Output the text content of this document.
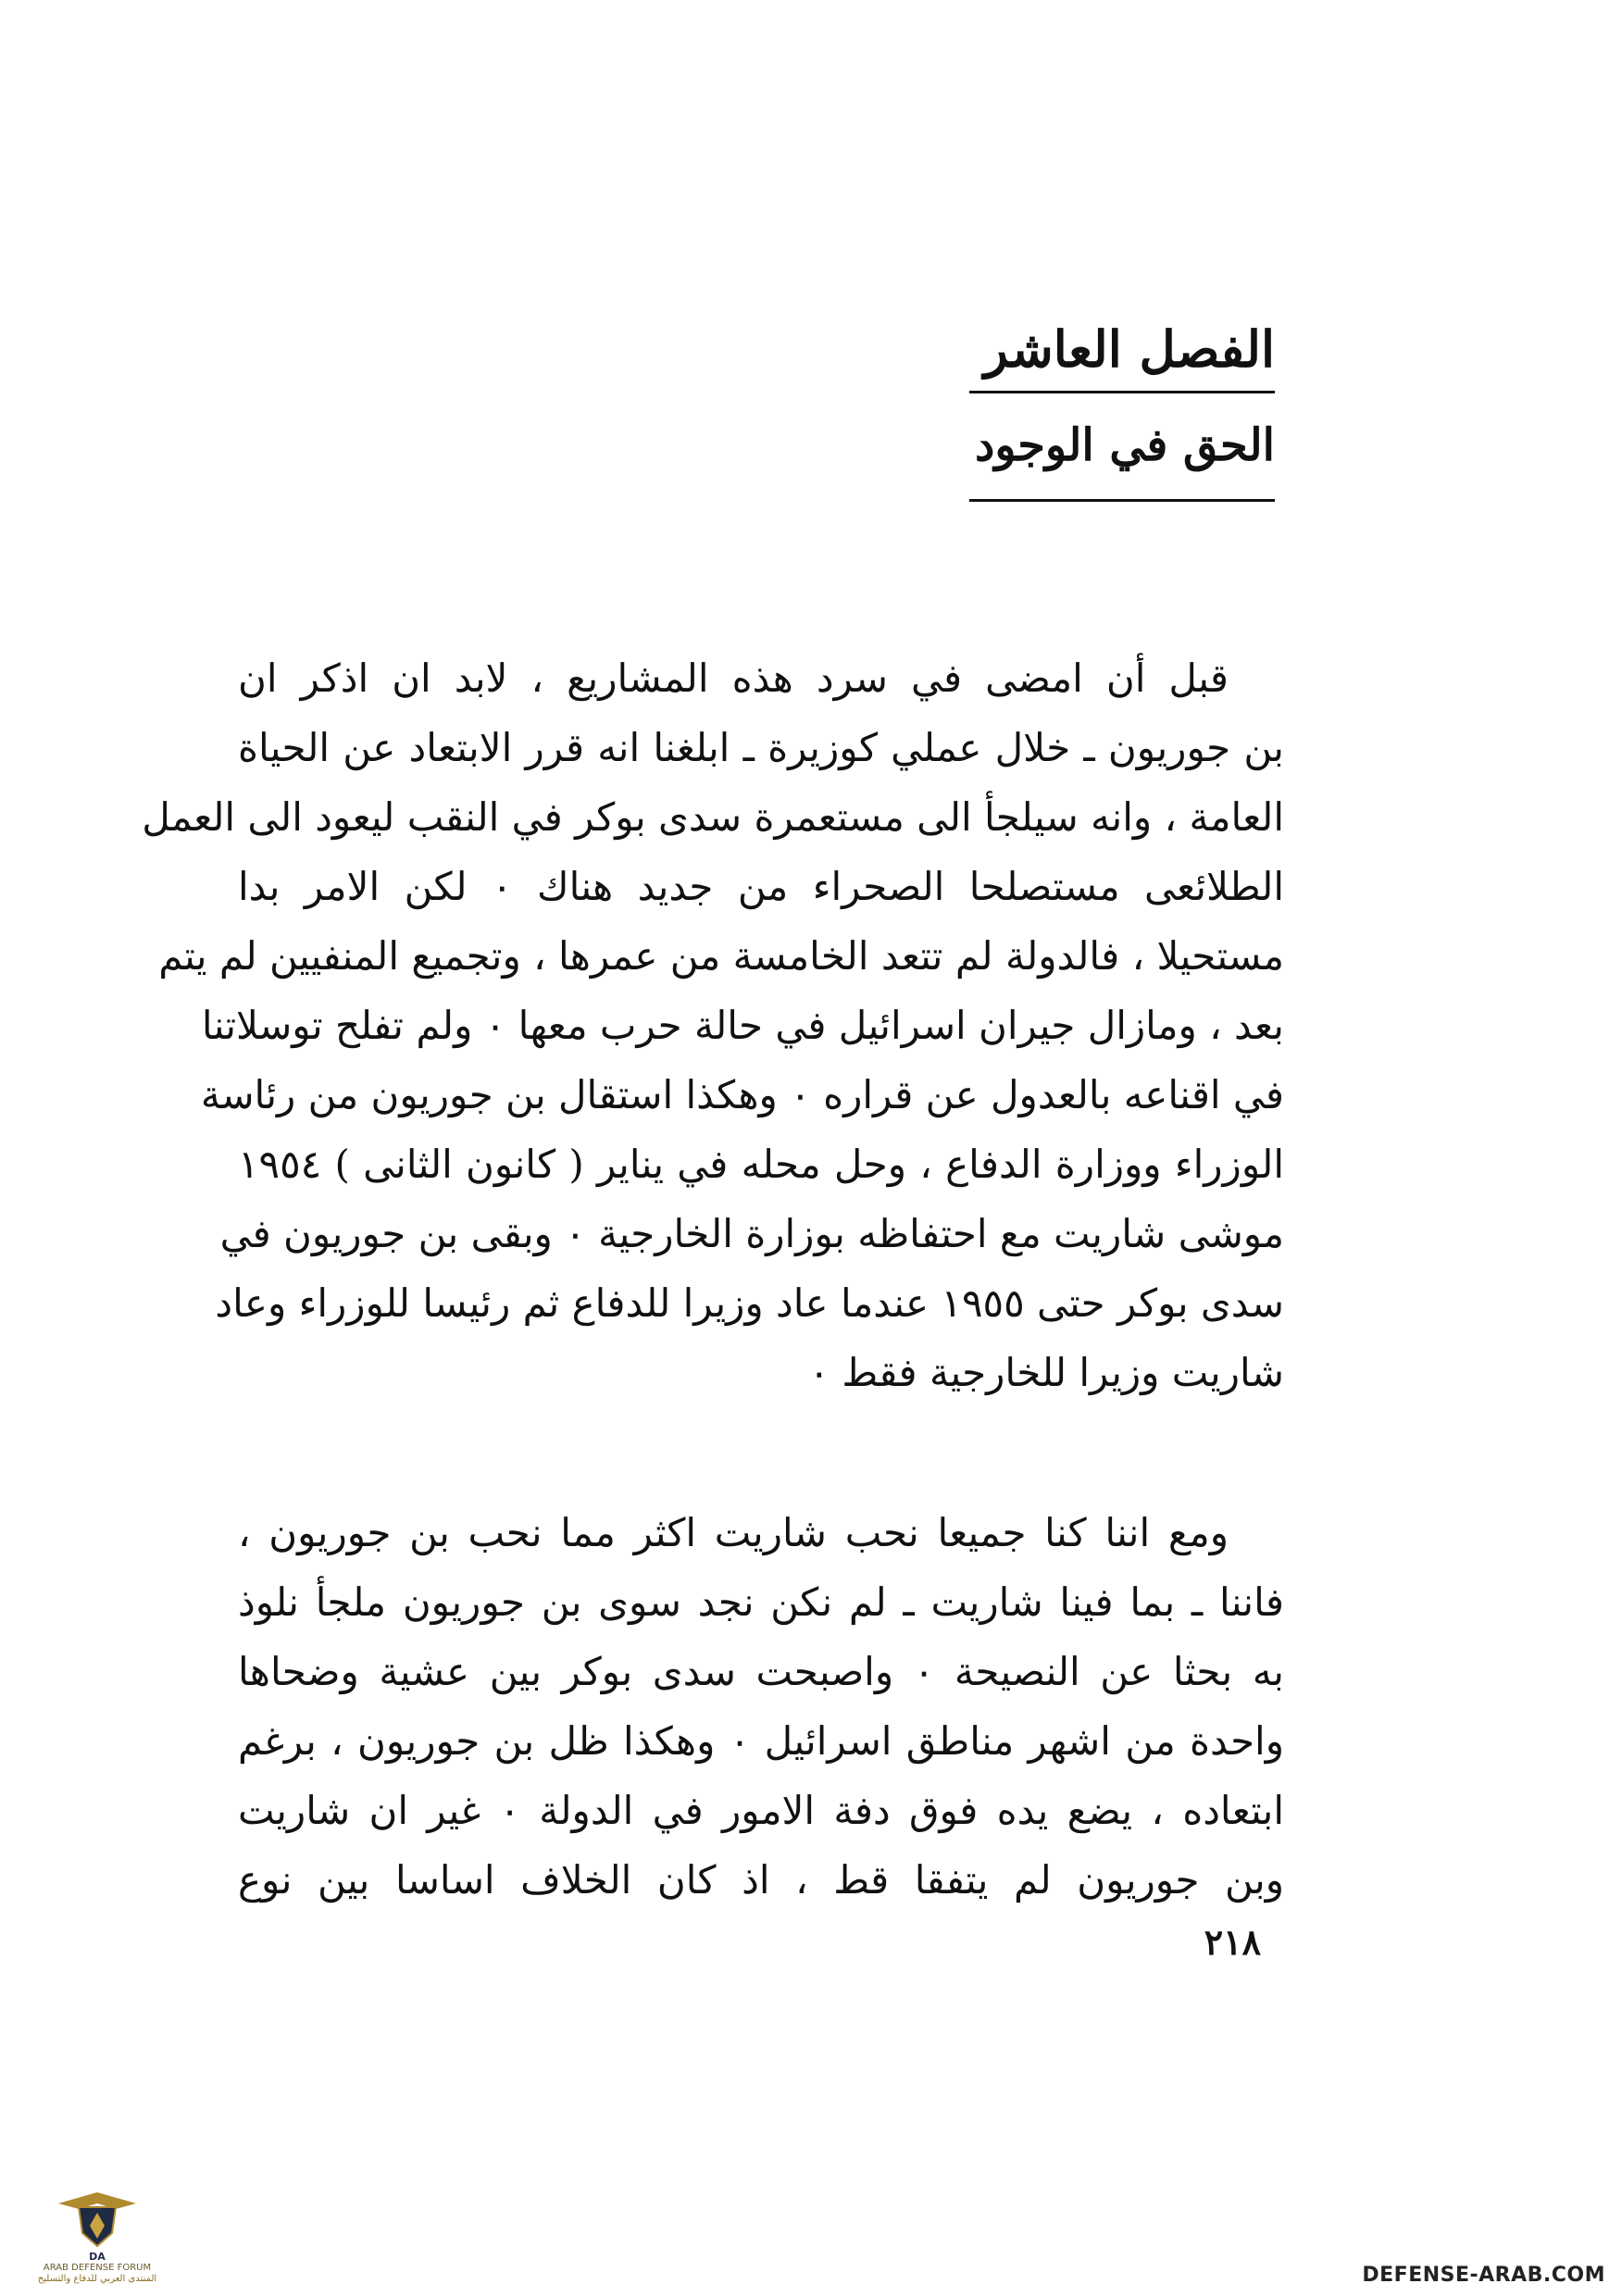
الفصل العاشر
الحق في الوجود
قبل أن امضى في سرد هذه المشاريع ، لابد ان اذكر ان
بن جوريون ـ خلال عملي كوزيرة ـ ابلغنا انه قرر الابتعاد عن الحياة
العامة ، وانه سيلجأ الى مستعمرة سدى بوكر في النقب ليعود الى العمل
الطلائعى مستصلحا الصحراء من جديد هناك ٠ لكن الامر بدا
مستحيلا ، فالدولة لم تتعد الخامسة من عمرها ، وتجميع المنفيين لم يتم
بعد ، ومازال جيران اسرائيل في حالة حرب معها ٠ ولم تفلح توسلاتنا
في اقناعه بالعدول عن قراره ٠ وهكذا استقال بن جوريون من رئاسة
الوزراء ووزارة الدفاع ، وحل محله في يناير ( كانون الثانى ) ١٩٥٤
موشى شاريت مع احتفاظه بوزارة الخارجية ٠ وبقى بن جوريون في
سدى بوكر حتى ١٩٥٥ عندما عاد وزيرا للدفاع ثم رئيسا للوزراء وعاد
شاريت وزيرا للخارجية فقط ٠
ومع اننا كنا جميعا نحب شاريت اكثر مما نحب بن جوريون ،
فاننا ـ بما فينا شاريت ـ لم نكن نجد سوى بن جوريون ملجأ نلوذ
به بحثا عن النصيحة ٠ واصبحت سدى بوكر بين عشية وضحاها
واحدة من اشهر مناطق اسرائيل ٠ وهكذا ظل بن جوريون ، برغم
ابتعاده ، يضع يده فوق دفة الامور في الدولة ٠ غير ان شاريت
وبن جوريون لم يتفقا قط ، اذ كان الخلاف اساسا بين نوع
٢١٨
DA
ARAB DEFENSE FORUM
المنتدى العربي للدفاع والتسليح	DEFENSE-ARAB.COM
